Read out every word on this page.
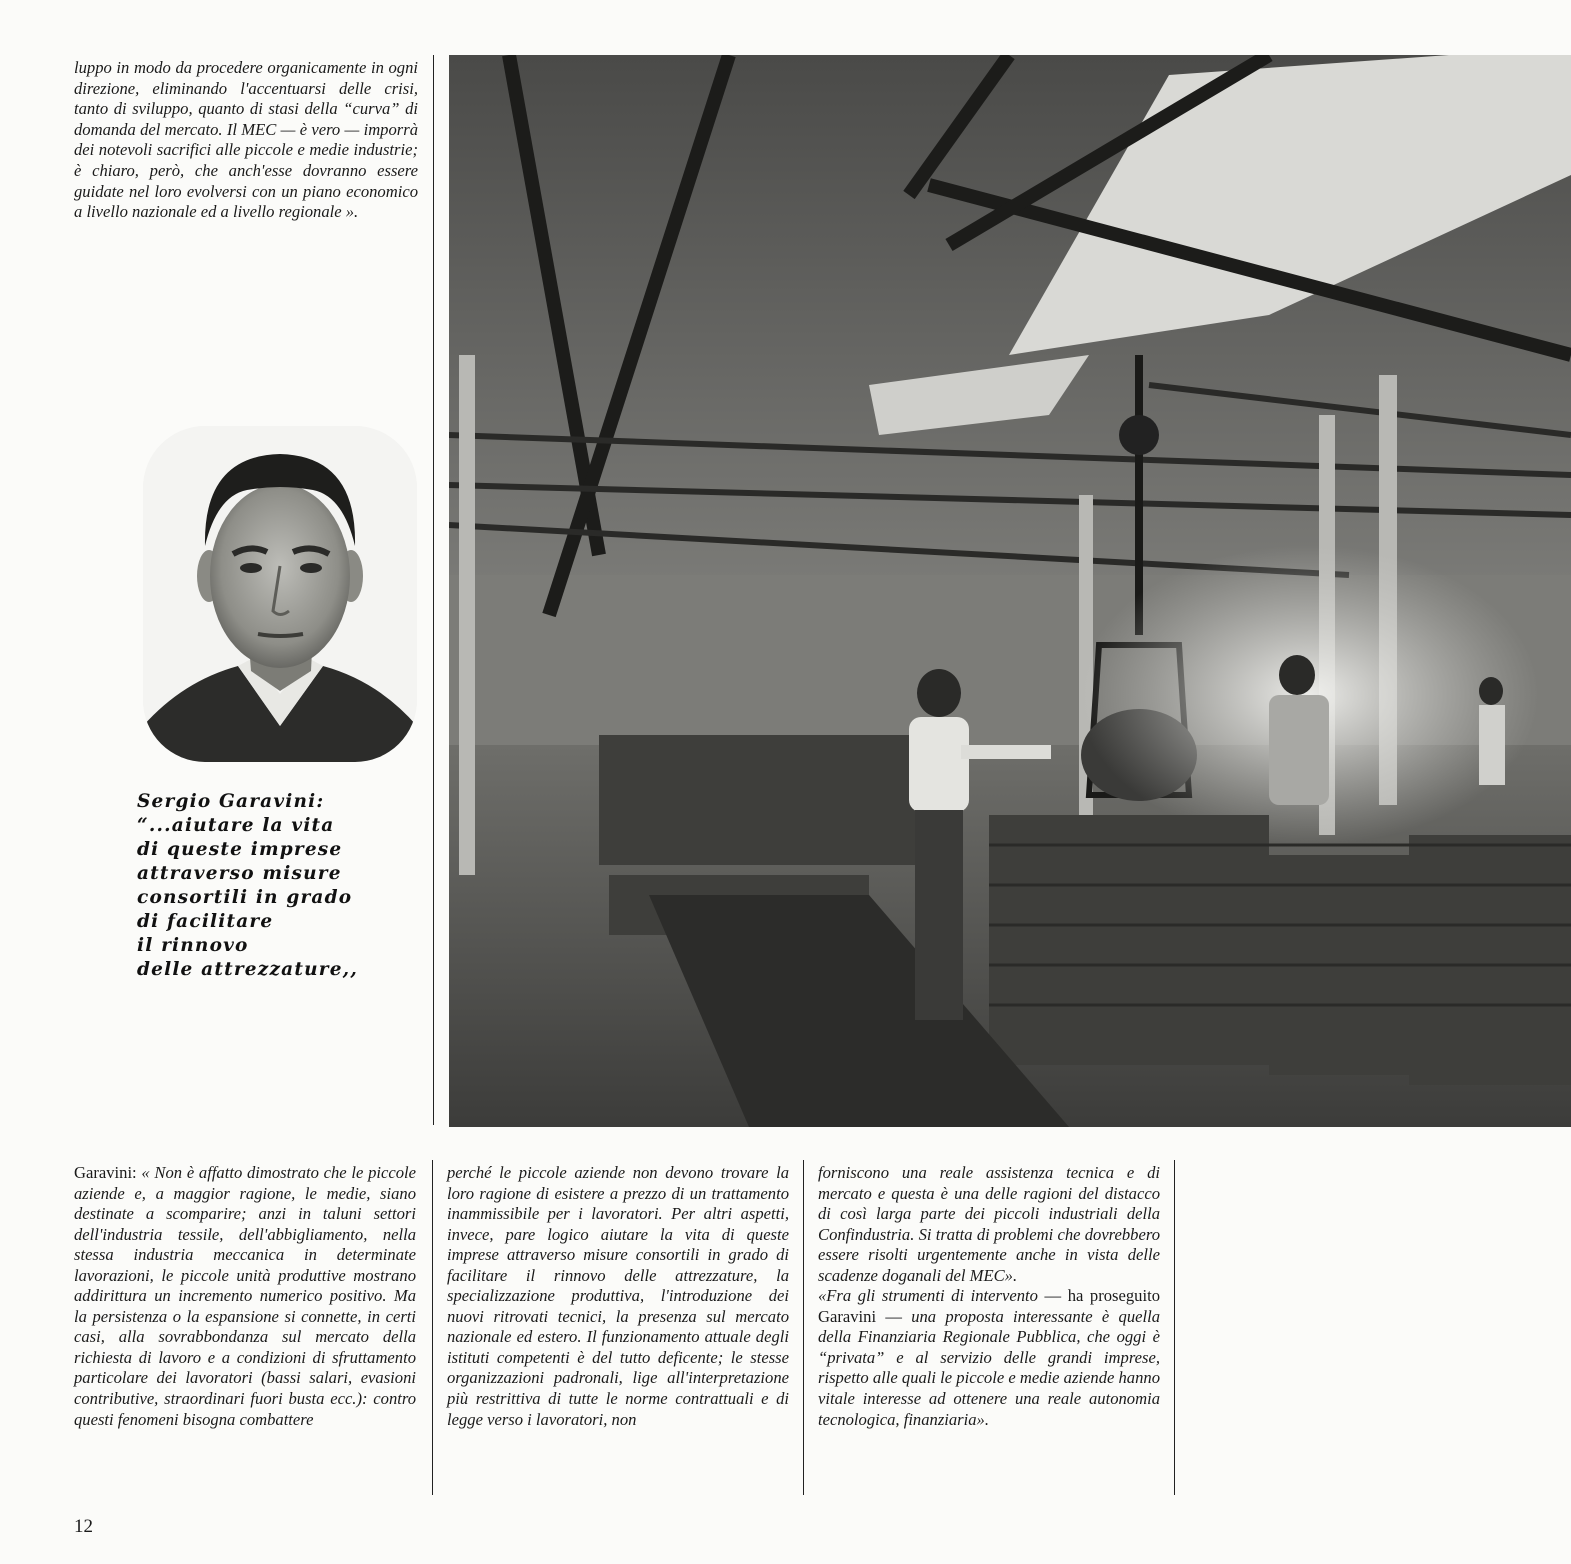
luppo in modo da procedere organicamente in ogni direzione, eliminando l'accentuarsi delle crisi, tanto di sviluppo, quanto di stasi della “curva” di domanda del mercato. Il MEC — è vero — imporrà dei notevoli sacrifici alle piccole e medie industrie; è chiaro, però, che anch'esse dovranno essere guidate nel loro evolversi con un piano economico a livello nazionale ed a livello regionale ».

Sergio Garavini:
“...aiutare la vita
di queste imprese
attraverso misure
consortili in grado
di facilitare
il rinnovo
delle attrezzature,,

Garavini: « Non è affatto dimostrato che le piccole aziende e, a maggior ragione, le medie, siano destinate a scomparire; anzi in taluni settori dell'industria tessile, dell'abbigliamento, nella stessa industria meccanica in determinate lavorazioni, le piccole unità produttive mostrano addirittura un incremento numerico positivo. Ma la persistenza o la espansione si connette, in certi casi, alla sovrabbondanza sul mercato della richiesta di lavoro e a condizioni di sfruttamento particolare dei lavoratori (bassi salari, evasioni contributive, straordinari fuori busta ecc.): contro questi fenomeni bisogna combattere

perché le piccole aziende non devono trovare la loro ragione di esistere a prezzo di un trattamento inammissibile per i lavoratori. Per altri aspetti, invece, pare logico aiutare la vita di queste imprese attraverso misure consortili in grado di facilitare il rinnovo delle attrezzature, la specializzazione produttiva, l'introduzione dei nuovi ritrovati tecnici, la presenza sul mercato nazionale ed estero. Il funzionamento attuale degli istituti competenti è del tutto deficente; le stesse organizzazioni padronali, lige all'interpretazione più restrittiva di tutte le norme contrattuali e di legge verso i lavoratori, non

forniscono una reale assistenza tecnica e di mercato e questa è una delle ragioni del distacco di così larga parte dei piccoli industriali della Confindustria. Si tratta di problemi che dovrebbero essere risolti urgentemente anche in vista delle scadenze doganali del MEC».
«Fra gli strumenti di intervento — ha proseguito Garavini — una proposta interessante è quella della Finanziaria Regionale Pubblica, che oggi è “privata” e al servizio delle grandi imprese, rispetto alle quali le piccole e medie aziende hanno vitale interesse ad ottenere una reale autonomia tecnologica, finanziaria».

12
